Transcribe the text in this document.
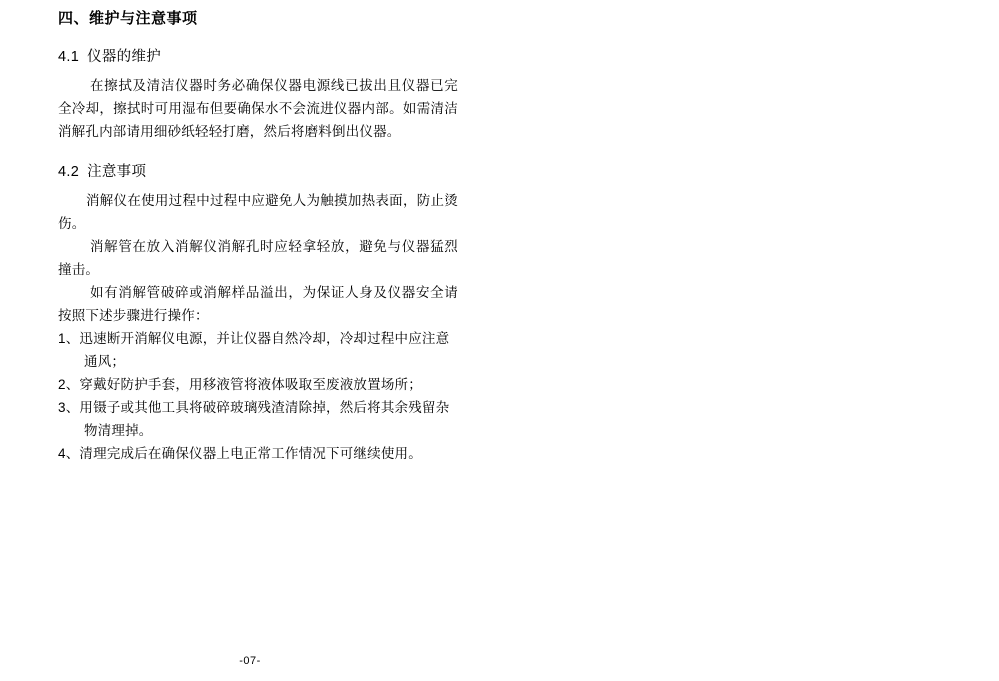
四、维护与注意事项
4.1 仪器的维护

在擦拭及清洁仪器时务必确保仪器电源线已拔出且仪器已完全冷却，擦拭时可用湿布但要确保水不会流进仪器内部。如需清洁消解孔内部请用细砂纸轻轻打磨，然后将磨料倒出仪器。

4.2 注意事项

消解仪在使用过程中过程中应避免人为触摸加热表面，防止烫伤。

消解管在放入消解仪消解孔时应轻拿轻放，避免与仪器猛烈撞击。

如有消解管破碎或消解样品溢出，为保证人身及仪器安全请按照下述步骤进行操作：

1、迅速断开消解仪电源，并让仪器自然冷却，冷却过程中应注意通风；
2、穿戴好防护手套，用移液管将液体吸取至废液放置场所；
3、用镊子或其他工具将破碎玻璃残渣清除掉，然后将其余残留杂物清理掉。
4、清理完成后在确保仪器上电正常工作情况下可继续使用。
-07-
